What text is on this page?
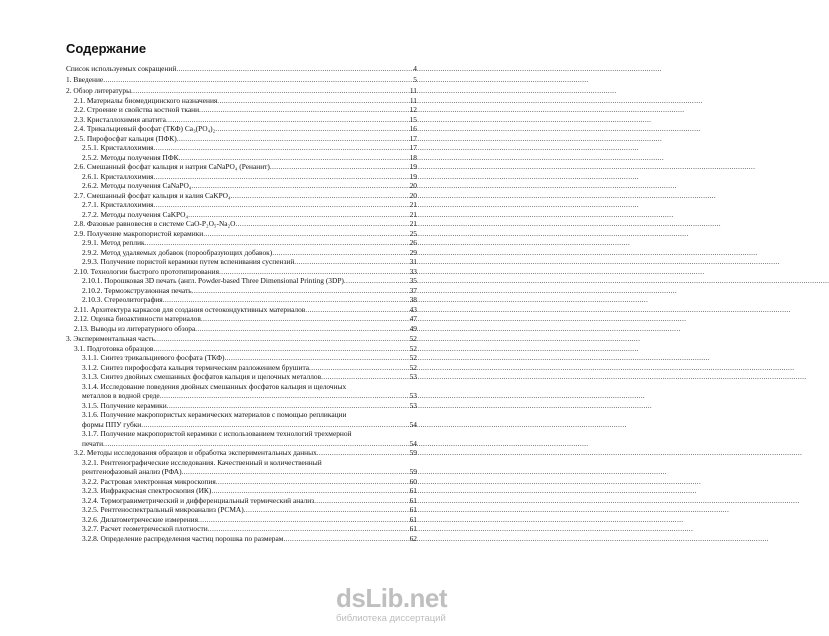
Содержание
Список используемых сокращений .....	4
1. Введение .....	5
2. Обзор литературы .....	11
2.1. Материалы биомедицинского назначения .....	11
2.2. Строение и свойства костной ткани .....	12
2.3. Кристаллохимия апатита .....	15
2.4. Трикальциевый фосфат (ТКФ) Ca₃(PO₄)₂ .....	16
2.5. Пирофосфат кальция (ПФК) .....	17
2.5.1. Кристаллохимия .....	17
2.5.2. Методы получения ПФК .....	18
2.6. Смешанный фосфат кальция и натрия CaNaPO₄ (Ренанит) .....	19
2.6.1. Кристаллохимия .....	19
2.6.2. Методы получения CaNaPO₄ .....	20
2.7. Смешанный фосфат кальция и калия CaKPO₄ .....	20
2.7.1. Кристаллохимия .....	21
2.7.2. Методы получения CaKPO₄ .....	21
2.8. Фазовые равновесия в системе CaO-P₂O₅-Na₂O .....	21
2.9. Получение макропористой керамики .....	25
2.9.1. Метод реплик .....	26
2.9.2. Метод удаляемых добавок (порообразующих добавок) .....	29
2.9.3. Получение пористой керамики путем вспенивания суспензий .....	31
2.10. Технологии быстрого прототипирования .....	33
2.10.1. Порошковая 3D печать (англ. Powder-based Three Dimensional Printing (3DP) .....	35
2.10.2. Термоэкструзионная печать .....	37
2.10.3. Стереолитография .....	38
2.11. Архитектура каркасов для создания остеокондуктивных материалов .....	43
2.12. Оценка биоактивности материалов .....	47
2.13. Выводы из литературного обзора .....	49
3. Экспериментальная часть .....	52
3.1. Подготовка образцов .....	52
3.1.1. Синтез трикальциевого фосфата (ТКФ) .....	52
3.1.2. Синтез пирофосфата кальция термическим разложением брушита .....	52
3.1.3. Синтез двойных смешанных фосфатов кальция и щелочных металлов .....	53
3.1.4. Исследование поведения двойных смешанных фосфатов кальция и щелочных
металлов в водной среде .....	53
3.1.5. Получение керамики .....	53
3.1.6. Получение макропористых керамических материалов с помощью репликации
формы ППУ губки .....	54
3.1.7. Получение макропористой керамики с использованием технологий трехмерной
печати .....	54
3.2. Методы исследования образцов и обработка экспериментальных данных .....	59
3.2.1. Рентгенографические исследования. Качественный и количественный
рентгенофазовый анализ (РФА) .....	59
3.2.2. Растровая электронная микроскопия .....	60
3.2.3. Инфракрасная спектроскопия (ИК) .....	61
3.2.4. Термогравиметрический и дифференциальный термический анализ .....	61
3.2.5. Рентгеноспектральный микроанализ (РСМА) .....	61
3.2.6. Дилатометрические измерения .....	61
3.2.7. Расчет геометрической плотности .....	61
3.2.8. Определение распределения частиц порошка по размерам .....	62
dsLib.net
библиотека диссертаций
